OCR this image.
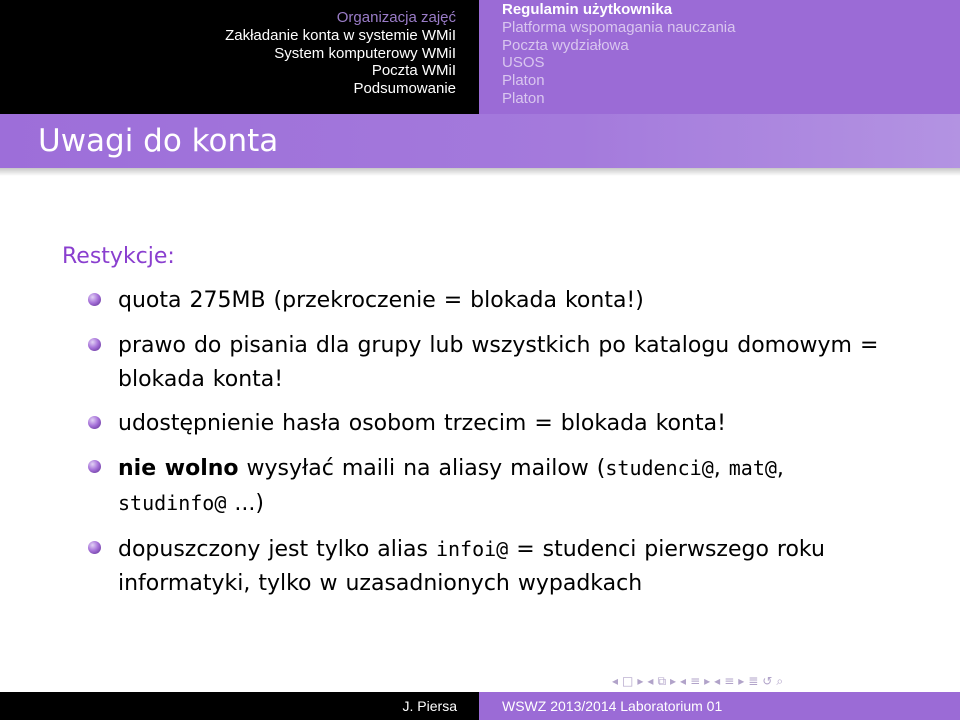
Organizacja zajęć
Zakładanie konta w systemie WMiI
System komputerowy WMiI
Poczta WMiI
Podsumowanie
Regulamin użytkownika
Platforma wspomagania nauczania
Poczta wydziałowa
USOS
Platon
Platon
Uwagi do konta
Restykcje:
quota 275MB (przekroczenie = blokada konta!)
prawo do pisania dla grupy lub wszystkich po katalogu domowym = blokada konta!
udostępnienie hasła osobom trzecim = blokada konta!
nie wolno wysyłać maili na aliasy mailow (studenci@, mat@, studinfo@ ...)
dopuszczony jest tylko alias infoi@ = studenci pierwszego roku informatyki, tylko w uzasadnionych wypadkach
◂ □ ▸ ◂ ⧉ ▸ ◂ ≡ ▸ ◂ ≡ ▸ ≣ ↺ ⌕
J. Piersa	WSWZ 2013/2014 Laboratorium 01
